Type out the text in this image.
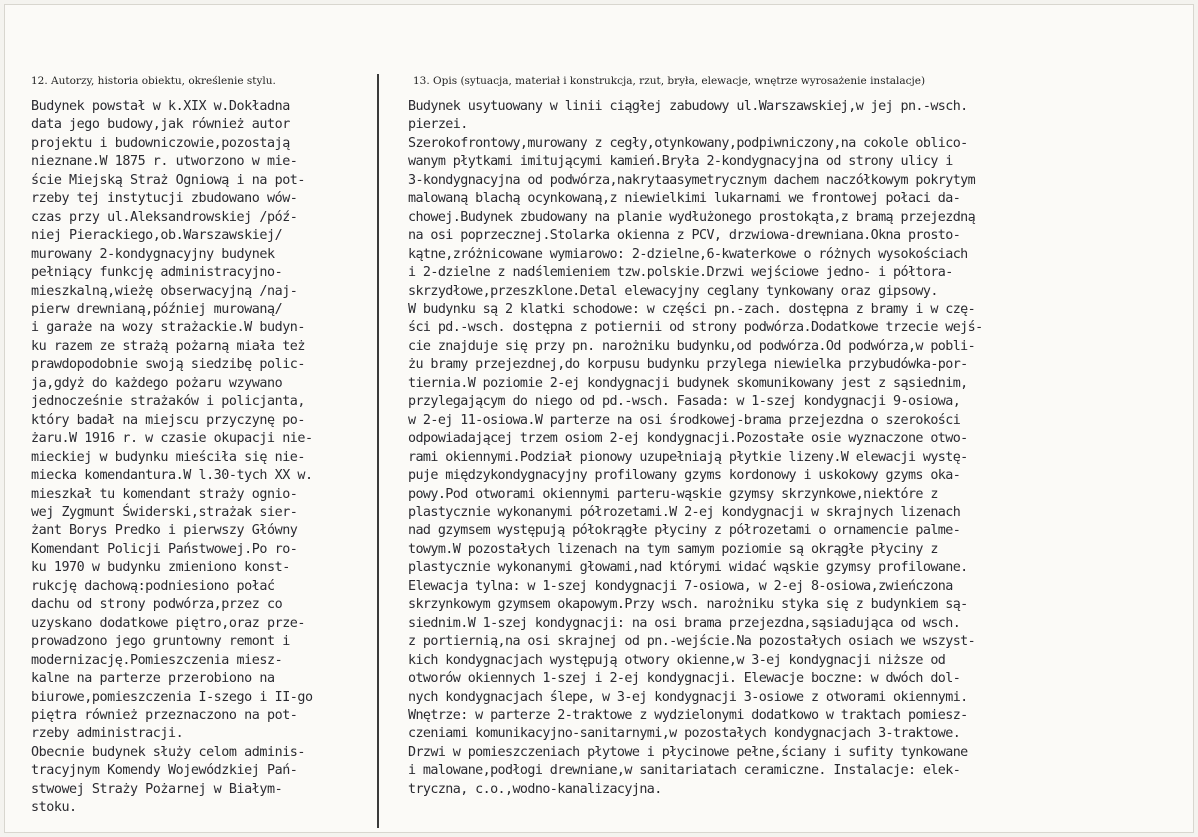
12. Autorzy, historia obiektu, określenie stylu.	13. Opis (sytuacja, materiał i konstrukcja, rzut, bryła, elewacje, wnętrze wyrosażenie instalacje)
Budynek powstał w k.XIX w.Dokładna
data jego budowy,jak również autor
projektu i budowniczowie,pozostają
nieznane.W 1875 r. utworzono w mie-
ście Miejską Straż Ogniową i na pot-
rzeby tej instytucji zbudowano wów-
czas przy ul.Aleksandrowskiej /póź-
niej Pierackiego,ob.Warszawskiej/
murowany 2-kondygnacyjny budynek
pełniący funkcję administracyjno-
mieszkalną,wieżę obserwacyjną /naj-
pierw drewnianą,później murowaną/
i garaże na wozy strażackie.W budyn-
ku razem ze strażą pożarną miała też
prawdopodobnie swoją siedzibę polic-
ja,gdyż do każdego pożaru wzywano
jednocześnie strażaków i policjanta,
który badał na miejscu przyczynę po-
żaru.W 1916 r. w czasie okupacji nie-
mieckiej w budynku mieściła się nie-
miecka komendantura.W l.30-tych XX w.
mieszkał tu komendant straży ognio-
wej Zygmunt Świderski,strażak sier-
żant Borys Predko i pierwszy Główny
Komendant Policji Państwowej.Po ro-
ku 1970 w budynku zmieniono konst-
rukcję dachową:podniesiono połać
dachu od strony podwórza,przez co
uzyskano dodatkowe piętro,oraz prze-
prowadzono jego gruntowny remont i
modernizację.Pomieszczenia miesz-
kalne na parterze przerobiono na
biurowe,pomieszczenia I-szego i II-go
piętra również przeznaczono na pot-
rzeby administracji.
Obecnie budynek służy celom adminis-
tracyjnym Komendy Wojewódzkiej Pań-
stwowej Straży Pożarnej w Białym-
stoku.
Budynek usytuowany w linii ciągłej zabudowy ul.Warszawskiej,w jej pn.-wsch.
pierzei.
Szerokofrontowy,murowany z cegły,otynkowany,podpiwniczony,na cokole oblico-
wanym płytkami imitującymi kamień.Bryła 2-kondygnacyjna od strony ulicy i
3-kondygnacyjna od podwórza,nakrytaasymetrycznym dachem naczółkowym pokrytym
malowaną blachą ocynkowaną,z niewielkimi lukarnami we frontowej połaci da-
chowej.Budynek zbudowany na planie wydłużonego prostokąta,z bramą przejezdną
na osi poprzecznej.Stolarka okienna z PCV, drzwiowa-drewniana.Okna prosto-
kątne,zróżnicowane wymiarowo: 2-dzielne,6-kwaterkowe o różnych wysokościach
i 2-dzielne z nadślemieniem tzw.polskie.Drzwi wejściowe jedno- i półtora-
skrzydłowe,przeszklone.Detal elewacyjny ceglany tynkowany oraz gipsowy.
W budynku są 2 klatki schodowe: w części pn.-zach. dostępna z bramy i w czę-
ści pd.-wsch. dostępna z potiernii od strony podwórza.Dodatkowe trzecie wejś-
cie znajduje się przy pn. narożniku budynku,od podwórza.Od podwórza,w pobli-
żu bramy przejezdnej,do korpusu budynku przylega niewielka przybudówka-por-
tiernia.W poziomie 2-ej kondygnacji budynek skomunikowany jest z sąsiednim,
przylegającym do niego od pd.-wsch. Fasada: w 1-szej kondygnacji 9-osiowa,
w 2-ej 11-osiowa.W parterze na osi środkowej-brama przejezdna o szerokości
odpowiadającej trzem osiom 2-ej kondygnacji.Pozostałe osie wyznaczone otwo-
rami okiennymi.Podział pionowy uzupełniają płytkie lizeny.W elewacji wystę-
puje międzykondygnacyjny profilowany gzyms kordonowy i uskokowy gzyms oka-
powy.Pod otworami okiennymi parteru-wąskie gzymsy skrzynkowe,niektóre z
plastycznie wykonanymi półrozetami.W 2-ej kondygnacji w skrajnych lizenach
nad gzymsem występują półokrągłe płyciny z półrozetami o ornamencie palme-
towym.W pozostałych lizenach na tym samym poziomie są okrągłe płyciny z
plastycznie wykonanymi głowami,nad którymi widać wąskie gzymsy profilowane.
Elewacja tylna: w 1-szej kondygnacji 7-osiowa, w 2-ej 8-osiowa,zwieńczona
skrzynkowym gzymsem okapowym.Przy wsch. narożniku styka się z budynkiem są-
siednim.W 1-szej kondygnacji: na osi bramа przejezdna,sąsiadująca od wsch.
z portiernią,na osi skrajnej od pn.-wejście.Na pozostałych osiach we wszyst-
kich kondygnacjach występują otwory okienne,w 3-ej kondygnacji niższe od
otworów okiennych 1-szej i 2-ej kondygnacji. Elewacje boczne: w dwóch dol-
nych kondygnacjach ślepe, w 3-ej kondygnacji 3-osiowe z otworami okiennymi.
Wnętrze: w parterze 2-traktowe z wydzielonymi dodatkowo w traktach pomiesz-
czeniami komunikacyjno-sanitarnymi,w pozostałych kondygnacjach 3-traktowe.
Drzwi w pomieszczeniach płytowe i płycinowe pełne,ściany i sufity tynkowane
i malowane,podłogi drewniane,w sanitariatach ceramiczne. Instalacje: elek-
tryczna, c.o.,wodno-kanalizacyjna.
